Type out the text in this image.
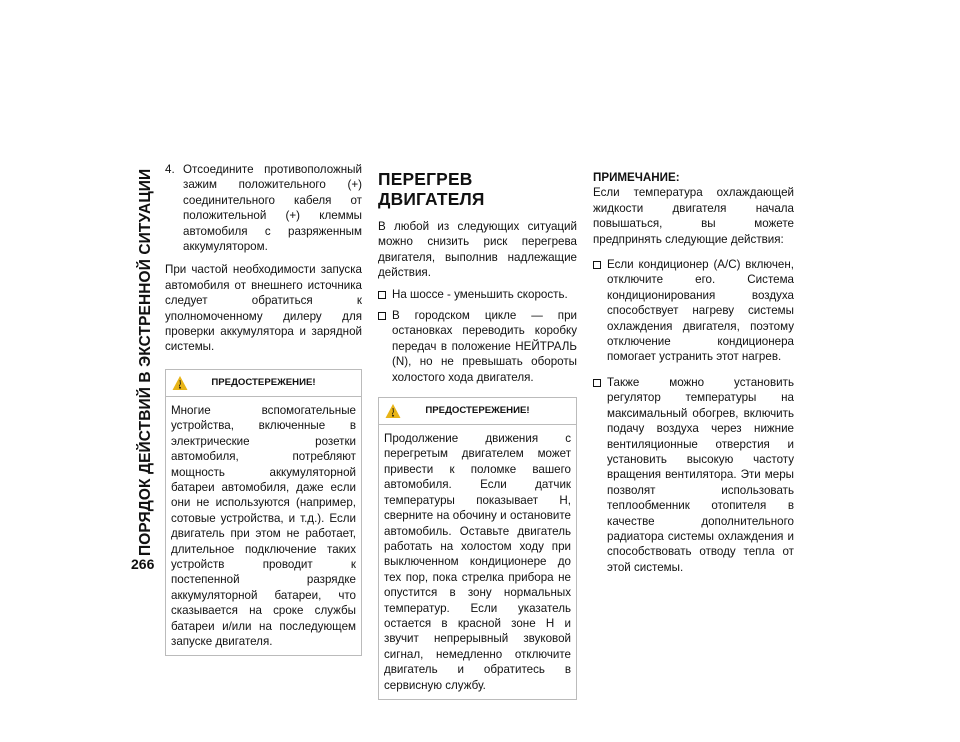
ПОРЯДОК ДЕЙСТВИЙ В ЭКСТРЕННОЙ СИТУАЦИИ
266
4. Отсоедините противоположный зажим положительного (+) соединительного кабеля от положительной (+) клеммы автомобиля с разряженным аккумулятором.

При частой необходимости запуска автомобиля от внешнего источника следует обратиться к уполномоченному дилеру для проверки аккумулятора и зарядной системы.

ПРЕДОСТЕРЕЖЕНИЕ!

Многие вспомогательные устройства, включенные в электрические розетки автомобиля, потребляют мощность аккумуляторной батареи автомобиля, даже если они не используются (например, сотовые устройства, и т.д.). Если двигатель при этом не работает, длительное подключение таких устройств проводит к постепенной разрядке аккумуляторной батареи, что сказывается на сроке службы батареи и/или на последующем запуске двигателя.

ПЕРЕГРЕВ ДВИГАТЕЛЯ

В любой из следующих ситуаций можно снизить риск перегрева двигателя, выполнив надлежащие действия.

На шоссе - уменьшить скорость.
В городском цикле — при остановках переводить коробку передач в положение НЕЙТРАЛЬ (N), но не превышать обороты холостого хода двигателя.
ПРЕДОСТЕРЕЖЕНИЕ!

Продолжение движения с перегретым двигателем может привести к поломке вашего автомобиля. Если датчик температуры показывает H, сверните на обочину и остановите автомобиль. Оставьте двигатель работать на холостом ходу при выключенном кондиционере до тех пор, пока стрелка прибора не опустится в зону нормальных температур. Если указатель остается в красной зоне H и звучит непрерывный звуковой сигнал, немедленно отключите двигатель и обратитесь в сервисную службу.

ПРИМЕЧАНИЕ:

Если температура охлаждающей жидкости двигателя начала повышаться, вы можете предпринять следующие действия:

Если кондиционер (A/C) включен, отключите его. Система кондиционирования воздуха способствует нагреву системы охлаждения двигателя, поэтому отключение кондиционера помогает устранить этот нагрев.
Также можно установить регулятор температуры на максимальный обогрев, включить подачу воздуха через нижние вентиляционные отверстия и установить высокую частоту вращения вентилятора. Эти меры позволят использовать теплообменник отопителя в качестве дополнительного радиатора системы охлаждения и способствовать отводу тепла от этой системы.
